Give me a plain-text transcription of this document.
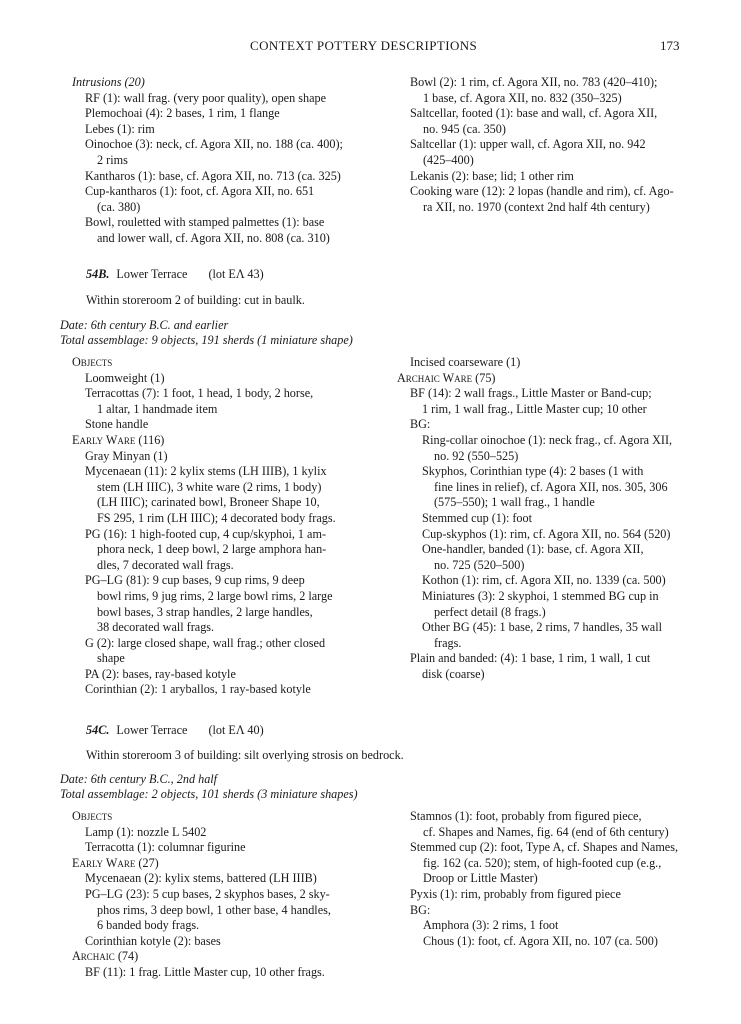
CONTEXT POTTERY DESCRIPTIONS	173
Intrusions (20)
RF (1): wall frag. (very poor quality), open shape
Plemochoai (4): 2 bases, 1 rim, 1 flange
Lebes (1): rim
Oinochoe (3): neck, cf. Agora XII, no. 188 (ca. 400);
2 rims
Kantharos (1): base, cf. Agora XII, no. 713 (ca. 325)
Cup-kantharos (1): foot, cf. Agora XII, no. 651
(ca. 380)
Bowl, rouletted with stamped palmettes (1): base
and lower wall, cf. Agora XII, no. 808 (ca. 310)
Bowl (2): 1 rim, cf. Agora XII, no. 783 (420–410);
1 base, cf. Agora XII, no. 832 (350–325)
Saltcellar, footed (1): base and wall, cf. Agora XII,
no. 945 (ca. 350)
Saltcellar (1): upper wall, cf. Agora XII, no. 942
(425–400)
Lekanis (2): base; lid; 1 other rim
Cooking ware (12): 2 lopas (handle and rim), cf. Ago-
ra XII, no. 1970 (context 2nd half 4th century)
54B. Lower Terrace (lot EΛ 43)
Within storeroom 2 of building: cut in baulk.
Date: 6th century B.C. and earlier
Total assemblage: 9 objects, 191 sherds (1 miniature shape)
Objects
Loomweight (1)
Terracottas (7): 1 foot, 1 head, 1 body, 2 horse,
1 altar, 1 handmade item
Stone handle
Early Ware (116)
Gray Minyan (1)
Mycenaean (11): 2 kylix stems (LH IIIB), 1 kylix
stem (LH IIIC), 3 white ware (2 rims, 1 body)
(LH IIIC); carinated bowl, Broneer Shape 10,
FS 295, 1 rim (LH IIIC); 4 decorated body frags.
PG (16): 1 high-footed cup, 4 cup/skyphoi, 1 am-
phora neck, 1 deep bowl, 2 large amphora han-
dles, 7 decorated wall frags.
PG–LG (81): 9 cup bases, 9 cup rims, 9 deep
bowl rims, 9 jug rims, 2 large bowl rims, 2 large
bowl bases, 3 strap handles, 2 large handles,
38 decorated wall frags.
G (2): large closed shape, wall frag.; other closed
shape
PA (2): bases, ray-based kotyle
Corinthian (2): 1 aryballos, 1 ray-based kotyle
Incised coarseware (1)
Archaic Ware (75)
BF (14): 2 wall frags., Little Master or Band-cup;
1 rim, 1 wall frag., Little Master cup; 10 other
BG:
Ring-collar oinochoe (1): neck frag., cf. Agora XII,
no. 92 (550–525)
Skyphos, Corinthian type (4): 2 bases (1 with
fine lines in relief), cf. Agora XII, nos. 305, 306
(575–550); 1 wall frag., 1 handle
Stemmed cup (1): foot
Cup-skyphos (1): rim, cf. Agora XII, no. 564 (520)
One-handler, banded (1): base, cf. Agora XII,
no. 725 (520–500)
Kothon (1): rim, cf. Agora XII, no. 1339 (ca. 500)
Miniatures (3): 2 skyphoi, 1 stemmed BG cup in
perfect detail (8 frags.)
Other BG (45): 1 base, 2 rims, 7 handles, 35 wall
frags.
Plain and banded: (4): 1 base, 1 rim, 1 wall, 1 cut
disk (coarse)
54C. Lower Terrace (lot EΛ 40)
Within storeroom 3 of building: silt overlying strosis on bedrock.
Date: 6th century B.C., 2nd half
Total assemblage: 2 objects, 101 sherds (3 miniature shapes)
Objects
Lamp (1): nozzle L 5402
Terracotta (1): columnar figurine
Early Ware (27)
Mycenaean (2): kylix stems, battered (LH IIIB)
PG–LG (23): 5 cup bases, 2 skyphos bases, 2 sky-
phos rims, 3 deep bowl, 1 other base, 4 handles,
6 banded body frags.
Corinthian kotyle (2): bases
Archaic (74)
BF (11): 1 frag. Little Master cup, 10 other frags.
Stamnos (1): foot, probably from figured piece,
cf. Shapes and Names, fig. 64 (end of 6th century)
Stemmed cup (2): foot, Type A, cf. Shapes and Names,
fig. 162 (ca. 520); stem, of high-footed cup (e.g.,
Droop or Little Master)
Pyxis (1): rim, probably from figured piece
BG:
Amphora (3): 2 rims, 1 foot
Chous (1): foot, cf. Agora XII, no. 107 (ca. 500)
